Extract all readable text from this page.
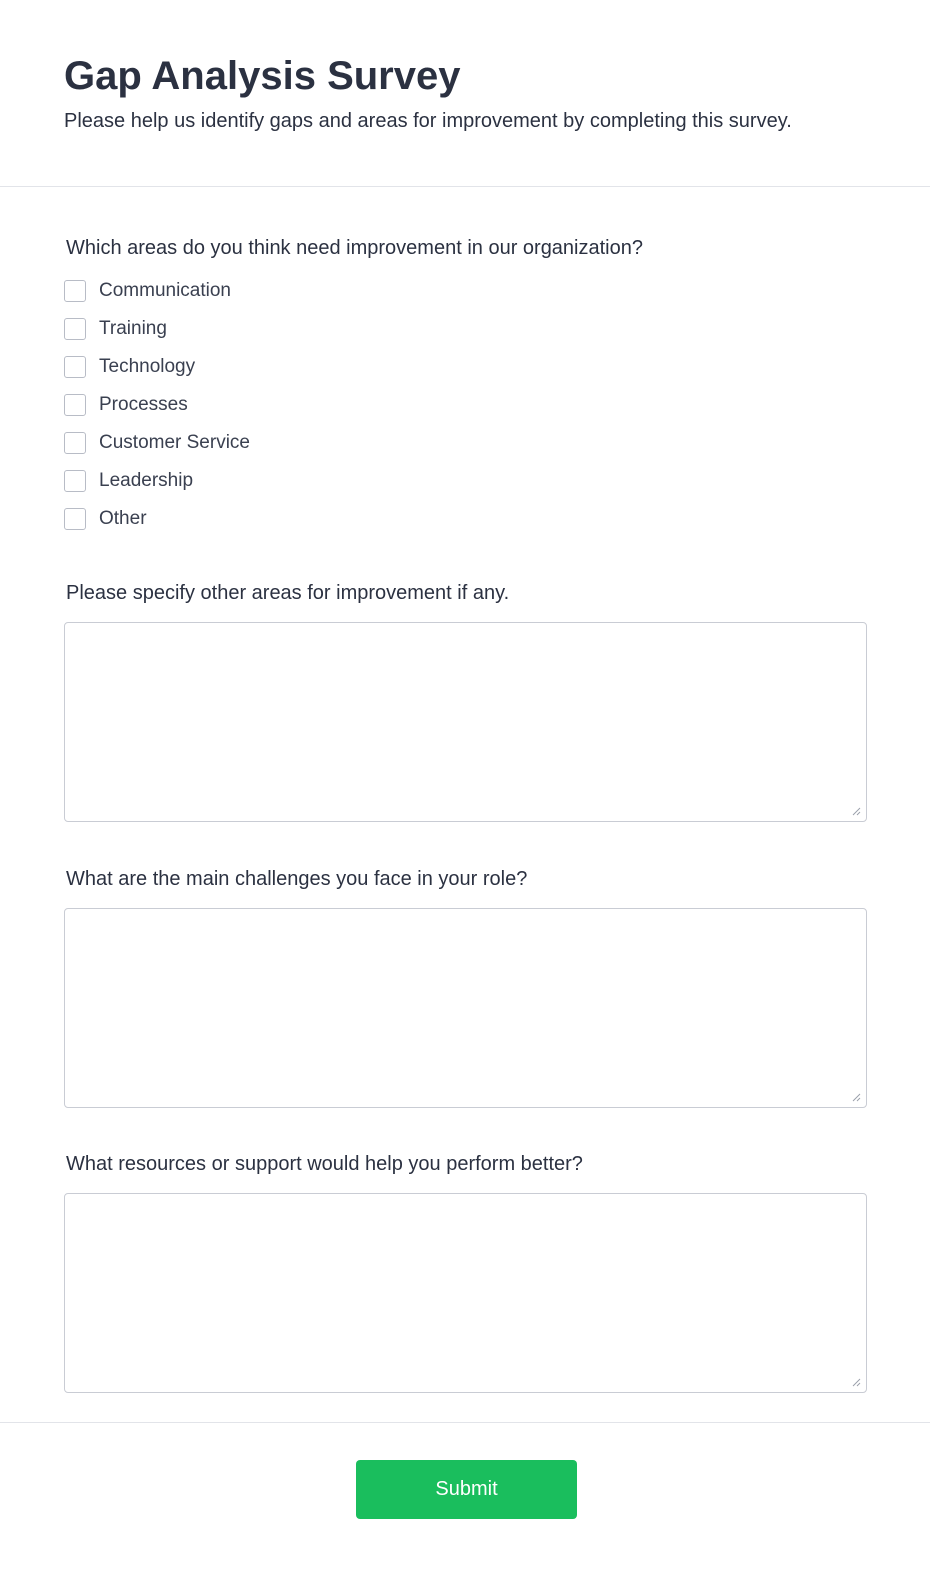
Gap Analysis Survey

Please help us identify gaps and areas for improvement by completing this survey.

Which areas do you think need improvement in our organization?

Communication
Training
Technology
Processes
Customer Service
Leadership
Other

Please specify other areas for improvement if any.

What are the main challenges you face in your role?

What resources or support would help you perform better?

Submit
